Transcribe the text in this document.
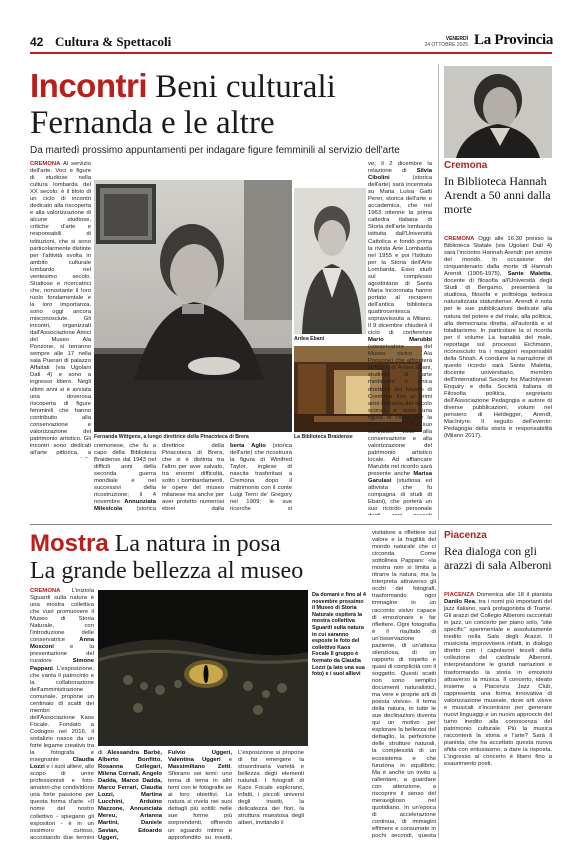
42 Cultura & Spettacoli	VENERDÌ
24 OTTOBRE 2025 La Provincia
Incontri Beni culturali
Fernanda e le altre
Da martedì prossimo appuntamenti per indagare figure femminili al servizio dell'arte
CREMONA Al servizio dell'arte. Voci e figure di studiose nella cultura lombarda del XX secolo: è il titolo di un ciclo di incontri dedicato alla riscoperta e alla valorizzazione di alcune studiose, critiche d'arte e responsabili di istituzioni, che si sono particolarmente distinte per l'attività svolta in ambito culturale lombardo nel ventesimo secolo. Studiose e ricercatrici che, nonostante il loro ruolo fondamentale e la loro importanza, sono oggi ancora misconosciute. Gli incontri, organizzati dall'Associazione Amici del Museo Ala Ponzone, si terranno sempre alle 17 nella sala Puerari di palazzo Affaitati (via Ugolani Dati 4) e sono a ingresso libero. Negli ultimi anni si è avviata una doverosa riscoperta di figure femminili che hanno contribuito alla conservazione e valorizzazione del patrimonio artistico. Gli incontri sono dedicati all'arte pittorica, a
Fernanda Wittgens, a lungo direttrice della Pinacoteca di Brera
Ardea Ebani
La Biblioteca Braidense
cremonese, che fu a capo della Biblioteca Braidense dal 1943 nel difficili anni della seconda guerra mondiale e nel successivi della ricostruzione; il 4 novembre Annunziata Milesicola (storica
direttrice della Pinacoteca di Brera, che si è distinta tra l'altro per aver salvato, tra enormi difficoltà, sotto i bombardamenti, le opere del museo milanese ma anche per aver protetto numerosi ebrei dalla
berta Aglio (storica dell'arte) che ricostruirà la figura di Winifred Taylor, inglese di nascita trasferitasi a Cremona dopo il matrimonio con il conte Luigi Terni de' Gregory nel 1909; le sue ricerche si
ve; il 2 dicembre la relazione di Silvia Cibolini (storica dell'arte) sarà incentrata su Maria Luisa Gatti Perer, storica dell'arte e accademica, che nel 1963 ottenne la prima cattedra italiana di Storia dell'arte lombarda istituita dall'Università Cattolica e fondò prima la rivista Arte Lombarda nel 1955 e poi l'Istituto per la Storia dell'Arte Lombarda. Esso studi sul complesso agostiniano di Santa Maria Incoronata hanno portato al recupero dell'antica biblioteca quattrocentesca sopravvissuta a Milano. Il 9 dicembre chiuderà il ciclo di conferenze Mario Marubbi (conservatore del Museo civico Ala Ponzone) che affronterà la figura di Ardea Ebani, studiosa di arte medievale e unica direttrice del Museo di Cremona fino ai primi anni Novanta del secolo scorso, e stata una figura di rilievo per la città, per il suo contributo volto alla conservazione e alla valorizzazione del patrimonio artistico locale. Ad affiancare Marubbi nel ricordo sarà presente anche Marisa Garulasi (studiosa ed attivista che fu compagna di studi di Ebani), che porterà un suo ricordo personale
Cremona
In Biblioteca Hannah Arendt a 50 anni dalla morte
CREMONA Oggi alle 16.30 presso la Biblioteca Statale (via Ugolani Dati 4) sarà l'incontro Hannah Arendt: per amore del mondo. In occasione del cinquantenario dalla morte di Hannah Arendt (1906-1975), Sante Maletta, docente di filosofia all'Università degli Studi di Bergamo, presenterà la studiosa, filosofa e politologa tedesca naturalizzata statunitense. Arendt è nota per le sue pubblicazioni dedicate alla natura del potere e del male, alla politica, alla democrazia diretta, all'autorità e al totalitarismo. In particolare la si ricorda per il volume La banalità del male, reportage sul processo Eichmann, riconosciuto tra i maggiori responsabili della Shoah. A condurre la narrazione di questo ricordo sarà Sante Maletta, docente universitario, membro dell'International Society for Maclntyrean Enquiry e della Società italiana di Filosofia politica, segretario dell'Associazione Pedagogia e autore di diverse pubblicazioni, volumi nel pensiero di Heidegger, Arendt, MacIntyre. Il seguito dell'evento: Pedagogia della storia e responsabilità (Milano 2017).
Mostra La natura in posa
La grande bellezza al museo
CREMONA L'iniziola Sguardi sulla natura è una mostra collettiva che vuol promuovere il Museo di Storia Naturale, con l'introduzione delle conservatrice Anna Mosconi e la presentazione del curatore Simone Pappani. L'esposizione, che vanta il patrocinio e la collaborazione dell'amministrazione comunale, propone un centinaio di scatti dei membri dell'Associazione Kaos Focale. Fondato a Codogno nel 2016, il sodalizio nasce da un forte legame creativo tra la fotografa e insegnante Claudia Lozzi e i suoi allievi, allo scopo di unire professionisti e foto-amatori che condividono una forte passione per questa forma d'arte. «Il nome del nostro collettivo - spiegano gli espositori - è in un ossimoro curioso, accostando due termini
Da domani e fino al 4 novembre prossimo il Museo di Storia Naturale ospiterà la mostra collettiva Sguardi sulla natura in cui saranno esposte le foto del collettivo Kaos Focale Il gruppo è formato da Claudia Lozzi (a lato una sua foto) e i suoi allievi
di Alessandra Barbè, Alberto Bonfitto, Rosanna Cellegari, Milena Cornali, Angelo Dadda, Marco Dadda, Marco Ferrari, Claudia Lozzi, Martina Lucchini, Arduino Mazzone, Annunciata Mereu, Arianna Martini, Daniele Savian, Edoardo Uggeri,
Fulvio Uggeri, Valentina Uggeri e Massimiliano Zetti. Sfiorano sei temi: uno tema di tema in altri temi con le fotografie se ai loro obiettivi. La natura si rivela nei suoi dettagli più sottili: nelle sue forme più sorprendenti, offrendo un sguardo intimo e approfondito su insetti,
L'esposizione si propone di far emergere la straordinaria varietà e bellezza degli elementi naturali. I fotografi di Kaos Focale esplorano, infatti, i piccoli universi degli insetti, la delicatezza dei fiori, la struttura maestosa degli alberi, invitando il
visitatore a riflettere sul valore e la fragilità del mondo naturale che ci circonda. Come sottolinea Pappani: «la mostra non si limita a ritrarre la natura, ma la interpreta attraverso gli occhi dei fotografi, trasformando ogni immagine in un racconto visivo capace di emozionare e far riflettere. Ogni fotografia è il risultato di un'osservazione paziente, di un'attesa silenziosa, di un rapporto di rispetto e quasi di complicità con il soggetto. Questi scatti non sono semplici documenti naturalistici, ma vere e proprie arti di poesia visiva». Il tema della natura, in tutte le sue declinazioni diventa qui un motivo per esplorare la bellezza del dettaglio, la perfezione delle strutture naturali, la complessità di un ecosistema e che funziona in equilibrio. Ma è anche un invito a rallentare, a guardare con attenzione, a riscoprire il senso del meraviglioso nel quotidiano. In un'epoca di accelerazione continua, di immagini effimere e consumate in pochi secondi, questa
Piacenza
Rea dialoga con gli arazzi di sala Alberoni
PIACENZA Domenica alle 18 il pianista Danilo Rea, tra i nomi più importanti del jazz italiano, sarà protagonista di Trame. Gli arazzi del Collegio Alberoni raccontati in jazz, un concerto per piano solo, "site specific" sperimentale e assolutamente inedito nella Sala degli Arazzi. Il musicista improvviserà infatti, in dialogo diretto con i capolavori tessili della collezione del cardinale Alberoni, interpretandone le grandi narrazioni e trasformando la storia in emozioni attraverso la musica. Il concerto, ideato insieme a Piacenza Jazz Club, rappresenta una forma innovativa di valorizzazione museale, dove arti visive e musicali s'incontrano per generare nuovi linguaggi e un nuovo approccio del turno inedito alla conoscenza del patrimonio culturale. Più la musica racconterà la storia e l'arte? Sarà il pianista, che ha accettato questa nuova sfida con entusiasmo, a dare la risposta. L'ingresso al concerto è libero fino a esaurimento posti.
